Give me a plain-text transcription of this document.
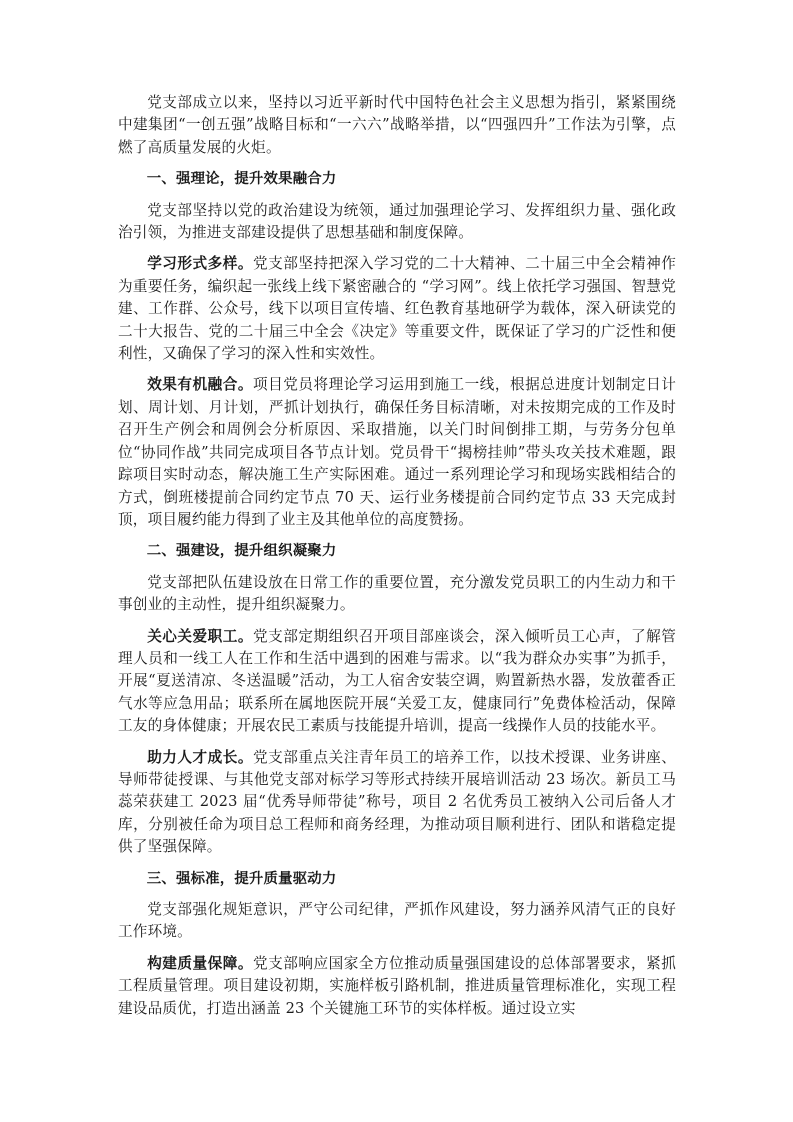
党支部成立以来，坚持以习近平新时代中国特色社会主义思想为指引，紧紧围绕中建集团“一创五强”战略目标和“一六六”战略举措，以“四强四升”工作法为引擎，点燃了高质量发展的火炬。

一、强理论，提升效果融合力

党支部坚持以党的政治建设为统领，通过加强理论学习、发挥组织力量、强化政治引领，为推进支部建设提供了思想基础和制度保障。

学习形式多样。党支部坚持把深入学习党的二十大精神、二十届三中全会精神作为重要任务，编织起一张线上线下紧密融合的 “学习网”。线上依托学习强国、智慧党建、工作群、公众号，线下以项目宣传墙、红色教育基地研学为载体，深入研读党的二十大报告、党的二十届三中全会《决定》等重要文件，既保证了学习的广泛性和便利性，又确保了学习的深入性和实效性。

效果有机融合。项目党员将理论学习运用到施工一线，根据总进度计划制定日计划、周计划、月计划，严抓计划执行，确保任务目标清晰，对未按期完成的工作及时召开生产例会和周例会分析原因、采取措施，以关门时间倒排工期，与劳务分包单位“协同作战”共同完成项目各节点计划。党员骨干“揭榜挂帅”带头攻关技术难题，跟踪项目实时动态，解决施工生产实际困难。通过一系列理论学习和现场实践相结合的方式，倒班楼提前合同约定节点 70 天、运行业务楼提前合同约定节点 33 天完成封顶，项目履约能力得到了业主及其他单位的高度赞扬。

二、强建设，提升组织凝聚力

党支部把队伍建设放在日常工作的重要位置，充分激发党员职工的内生动力和干事创业的主动性，提升组织凝聚力。

关心关爱职工。党支部定期组织召开项目部座谈会，深入倾听员工心声，了解管理人员和一线工人在工作和生活中遇到的困难与需求。以“我为群众办实事”为抓手，开展“夏送清凉、冬送温暖”活动，为工人宿舍安装空调，购置新热水器，发放藿香正气水等应急用品；联系所在属地医院开展“关爱工友，健康同行”免费体检活动，保障工友的身体健康；开展农民工素质与技能提升培训，提高一线操作人员的技能水平。

助力人才成长。党支部重点关注青年员工的培养工作，以技术授课、业务讲座、导师带徒授课、与其他党支部对标学习等形式持续开展培训活动 23 场次。新员工马蕊荣获建工 2023 届“优秀导师带徒”称号，项目 2 名优秀员工被纳入公司后备人才库，分别被任命为项目总工程师和商务经理，为推动项目顺利进行、团队和谐稳定提供了坚强保障。

三、强标准，提升质量驱动力

党支部强化规矩意识，严守公司纪律，严抓作风建设，努力涵养风清气正的良好工作环境。

构建质量保障。党支部响应国家全方位推动质量强国建设的总体部署要求，紧抓工程质量管理。项目建设初期，实施样板引路机制，推进质量管理标准化，实现工程建设品质优，打造出涵盖 23 个关键施工环节的实体样板。通过设立实
